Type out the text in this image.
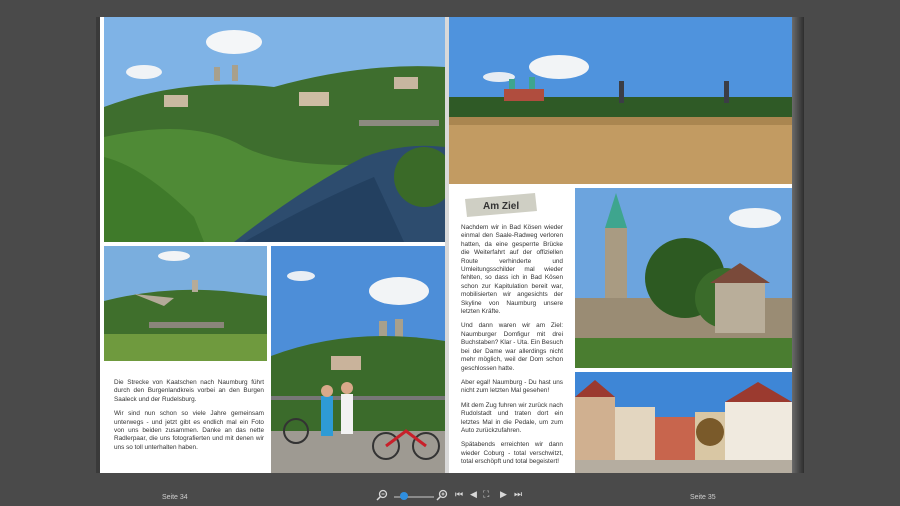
Die Strecke von Kaatschen nach Naumburg führt durch den Burgenlandkreis vorbei an den Burgen Saaleck und der Rudelsburg.

Wir sind nun schon so viele Jahre gemeinsam unterwegs - und jetzt gibt es endlich mal ein Foto von uns beiden zusammen. Danke an das nette Radlerpaar, die uns fotografierten und mit denen wir uns so toll unterhalten haben.

Am Ziel

Nachdem wir in Bad Kösen wieder einmal den Saale-Radweg verloren hatten, da eine gesperrte Brücke die Weiterfahrt auf der offiziellen Route verhinderte und Umleitungsschilder mal wieder fehlten, so dass ich in Bad Kösen schon zur Kapitulation bereit war, mobilisierten wir angesichts der Skyline von Naumburg unsere letzten Kräfte.

Und dann waren wir am Ziel: Naumburger Domfigur mit drei Buchstaben? Klar - Uta. Ein Besuch bei der Dame war allerdings nicht mehr möglich, weil der Dom schon geschlossen hatte.

Aber egal! Naumburg - Du hast uns nicht zum letzten Mal gesehen!

Mit dem Zug fuhren wir zurück nach Rudolstadt und traten dort ein letztes Mal in die Pedale, um zum Auto zurückzufahren.

Spätabends erreichten wir dann wieder Coburg - total verschwitzt, total erschöpft und total begeistert!

Seite 34	Seite 35
⏮ ◀ ⛶ ▶ ⏭
